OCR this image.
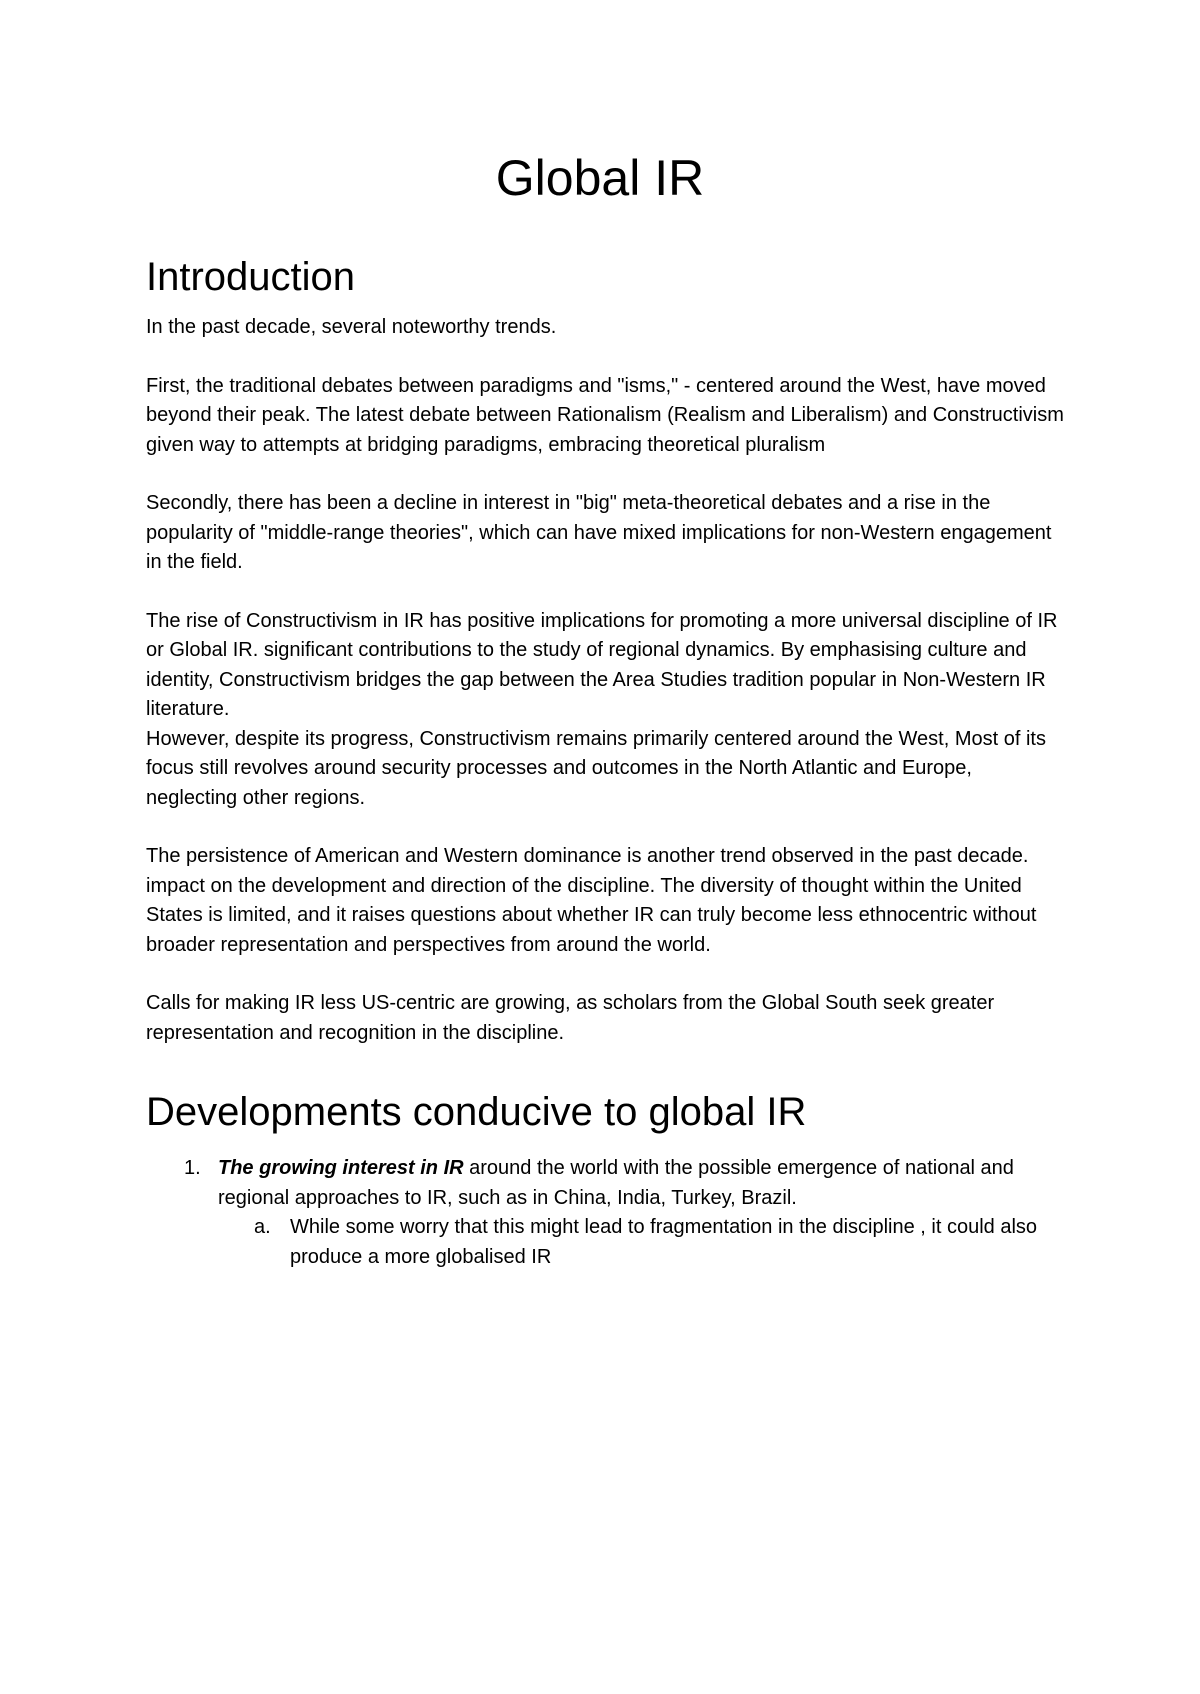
Global IR
Introduction

In the past decade, several noteworthy trends.

First, the traditional debates between paradigms and "isms," - centered around the West, have moved beyond their peak. The latest debate between Rationalism (Realism and Liberalism) and Constructivism given way to attempts at bridging paradigms, embracing theoretical pluralism

Secondly, there has been a decline in interest in "big" meta-theoretical debates and a rise in the popularity of "middle-range theories", which can have mixed implications for non-Western engagement in the field.

The rise of Constructivism in IR has positive implications for promoting a more universal discipline of IR or Global IR. significant contributions to the study of regional dynamics. By emphasising culture and identity, Constructivism bridges the gap between the Area Studies tradition popular in Non-Western IR literature.

However, despite its progress, Constructivism remains primarily centered around the West, Most of its focus still revolves around security processes and outcomes in the North Atlantic and Europe, neglecting other regions.

The persistence of American and Western dominance is another trend observed in the past decade. impact on the development and direction of the discipline. The diversity of thought within the United States is limited, and it raises questions about whether IR can truly become less ethnocentric without broader representation and perspectives from around the world.

Calls for making IR less US-centric are growing, as scholars from the Global South seek greater representation and recognition in the discipline.

Developments conducive to global IR
1. The growing interest in IR around the world with the possible emergence of national and regional approaches to IR, such as in China, India, Turkey, Brazil.
a. While some worry that this might lead to fragmentation in the discipline , it could also produce a more globalised IR
